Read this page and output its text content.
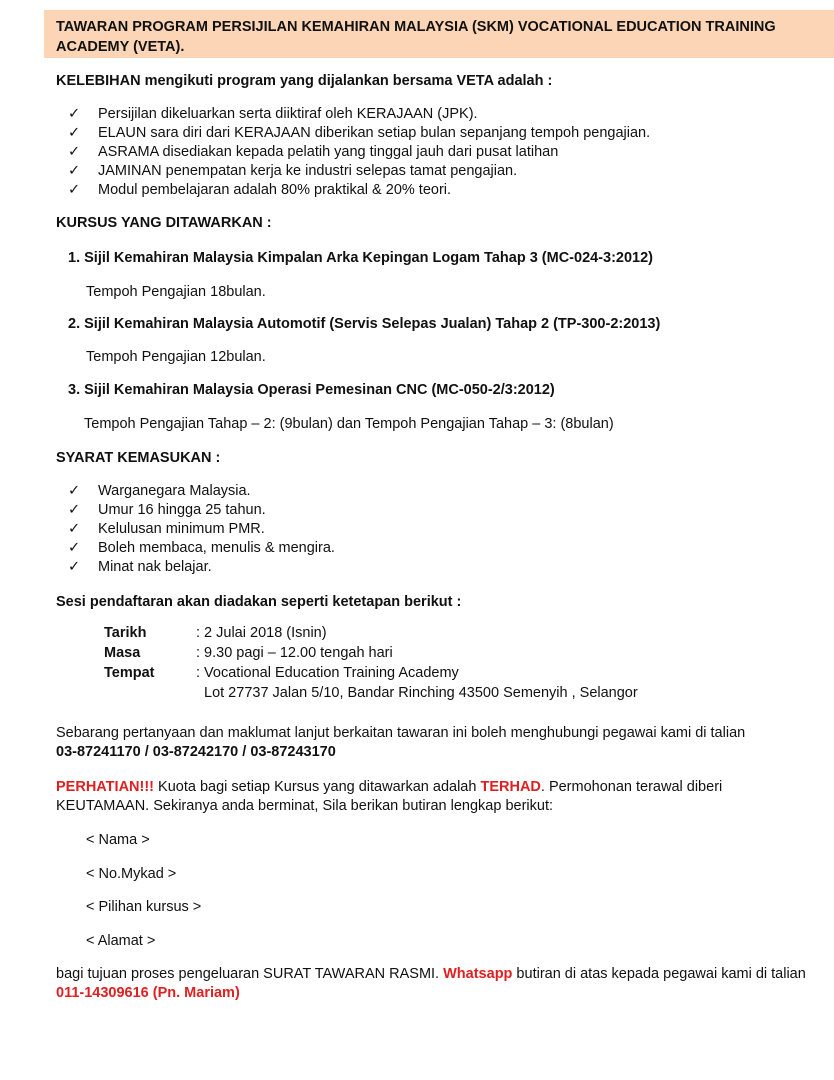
TAWARAN PROGRAM PERSIJILAN KEMAHIRAN MALAYSIA (SKM) VOCATIONAL EDUCATION TRAINING ACADEMY (VETA).
KELEBIHAN mengikuti program yang dijalankan bersama VETA adalah :
✓ Persijilan dikeluarkan serta diiktiraf oleh KERAJAAN (JPK).
✓ ELAUN sara diri dari KERAJAAN diberikan setiap bulan sepanjang tempoh pengajian.
✓ ASRAMA disediakan kepada pelatih yang tinggal jauh dari pusat latihan
✓ JAMINAN penempatan kerja ke industri selepas tamat pengajian.
✓ Modul pembelajaran adalah 80% praktikal & 20% teori.
KURSUS YANG DITAWARKAN :
1. Sijil Kemahiran Malaysia Kimpalan Arka Kepingan Logam Tahap 3 (MC-024-3:2012)
Tempoh Pengajian 18bulan.
2. Sijil Kemahiran Malaysia Automotif (Servis Selepas Jualan) Tahap 2 (TP-300-2:2013)
Tempoh Pengajian 12bulan.
3. Sijil Kemahiran Malaysia Operasi Pemesinan CNC (MC-050-2/3:2012)
Tempoh Pengajian Tahap – 2: (9bulan) dan Tempoh Pengajian Tahap – 3: (8bulan)
SYARAT KEMASUKAN :
✓ Warganegara Malaysia.
✓ Umur 16 hingga 25 tahun.
✓ Kelulusan minimum PMR.
✓ Boleh membaca, menulis & mengira.
✓ Minat nak belajar.
Sesi pendaftaran akan diadakan seperti ketetapan berikut :
Tarikh	: 2 Julai 2018 (Isnin)
Masa	: 9.30 pagi – 12.00 tengah hari
Tempat	: Vocational Education Training Academy
Lot 27737 Jalan 5/10, Bandar Rinching 43500 Semenyih , Selangor
Sebarang pertanyaan dan maklumat lanjut berkaitan tawaran ini boleh menghubungi pegawai kami di talian
03-87241170 / 03-87242170 / 03-87243170
PERHATIAN!!! Kuota bagi setiap Kursus yang ditawarkan adalah TERHAD. Permohonan terawal diberi KEUTAMAAN. Sekiranya anda berminat, Sila berikan butiran lengkap berikut:
< Nama >
< No.Mykad >
< Pilihan kursus >
< Alamat >
bagi tujuan proses pengeluaran SURAT TAWARAN RASMI. Whatsapp butiran di atas kepada pegawai kami di talian 011-14309616 (Pn. Mariam)
